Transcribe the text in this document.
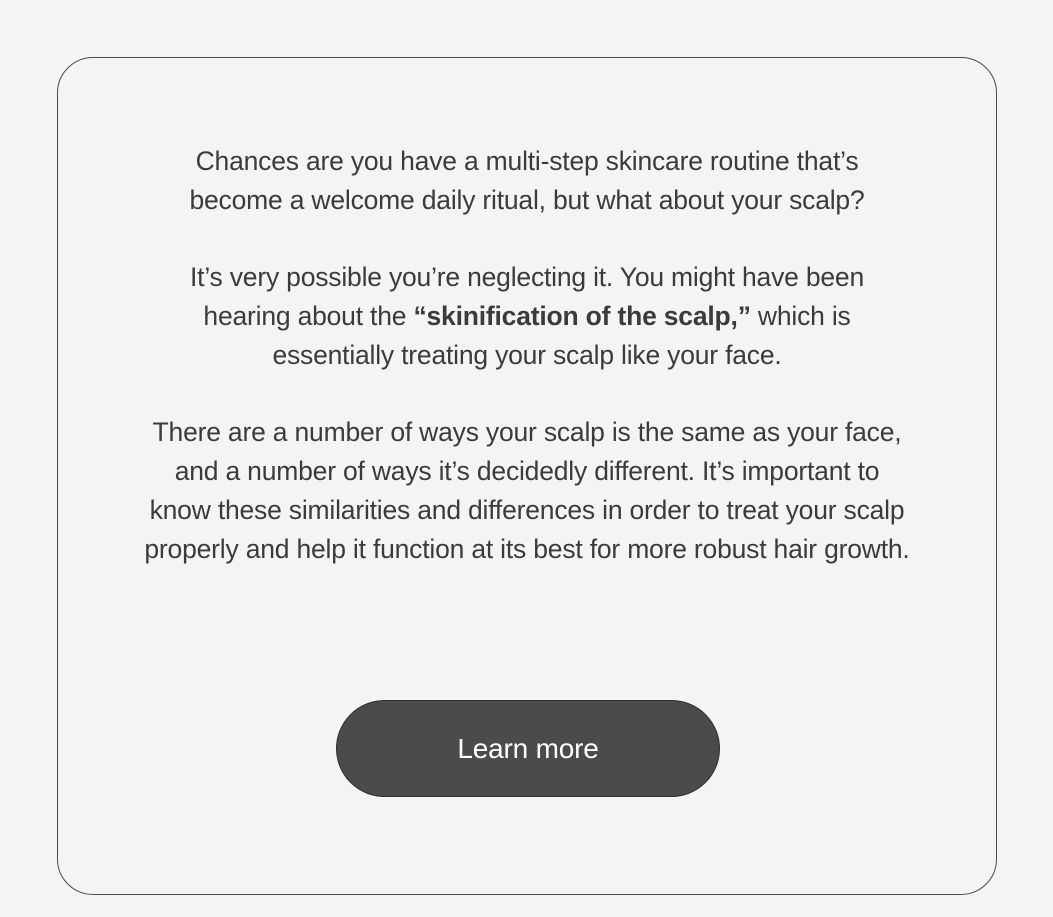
Chances are you have a multi-step skincare routine that’s become a welcome daily ritual, but what about your scalp?

It’s very possible you’re neglecting it. You might have been hearing about the “skinification of the scalp,” which is essentially treating your scalp like your face.

There are a number of ways your scalp is the same as your face, and a number of ways it’s decidedly different. It’s important to know these similarities and differences in order to treat your scalp properly and help it function at its best for more robust hair growth.

Learn more
